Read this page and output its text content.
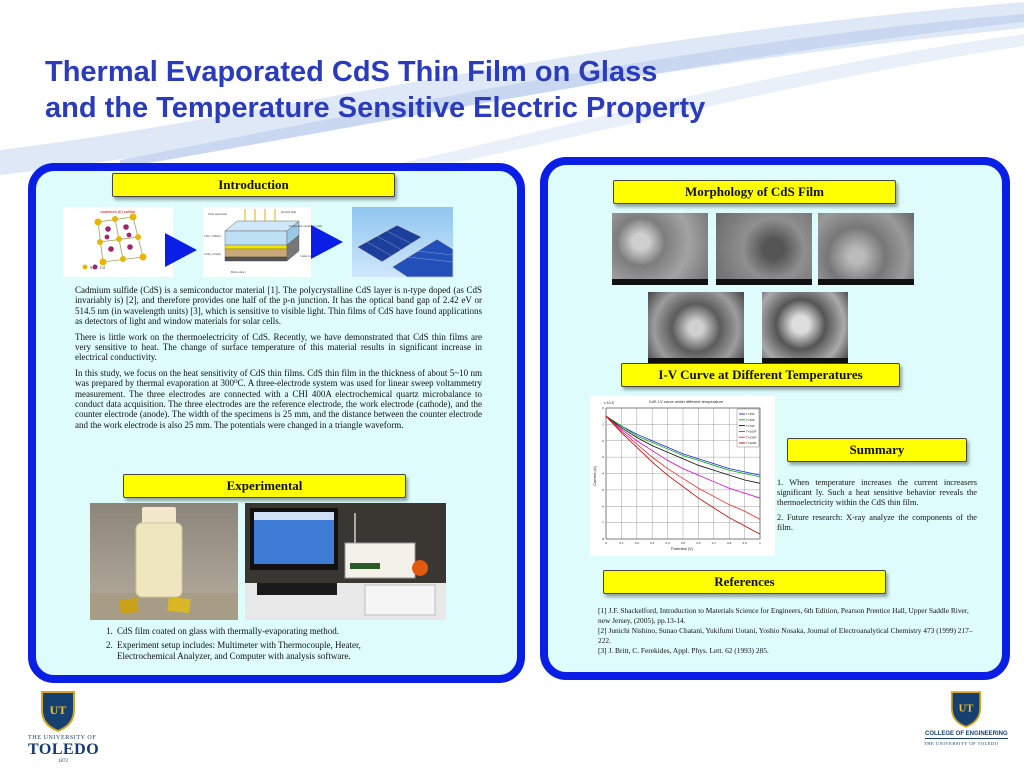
Thermal Evaporated CdS Thin Film on Glass
and the Temperature Sensitive Electric Property
Introduction
cadmium (II) sulfide
S Cd
Glass superstrate
Incident light
Transparent conducting oxide
CdS (~100nm)
CdTe (~10µm)
Contact ref
Back contact

Cadmium sulfide (CdS) is a semiconductor material [1]. The polycrystalline CdS layer is n-type doped (as CdS invariably is) [2], and therefore provides one half of the p-n junction. It has the optical band gap of 2.42 eV or 514.5 nm (in wavelength units) [3], which is sensitive to visible light. Thin films of CdS have found applications as detectors of light and window materials for solar cells.

There is little work on the thermoelectricity of CdS. Recently, we have demonstrated that CdS thin films are very sensitive to heat. The change of surface temperature of this material results in significant increase in electrical conductivity.

In this study, we focus on the heat sensitivity of CdS thin films. CdS thin film in the thickness of about 5~10 nm was prepared by thermal evaporation at 300⁰C. A three-electrode system was used for linear sweep voltammetry measurement. The three electrodes are connected with a CHI 400A electrochemical quartz microbalance to conduct data acquisition. The three electrodes are the reference electrode, the work electrode (cathode), and the counter electrode (anode). The width of the specimens is 25 mm, and the distance between the counter electrode and the work electrode is also 25 mm. The potentials were changed in a triangle waveform.

Experimental
1. CdS film coated on glass with thermally-evaporating method.
2. Experiment setup includes: Multimeter with Thermocouple, Heater, Electrochemical Analyzer, and Computer with analysis software.
Morphology of CdS Film
I-V Curve at Different Temperatures
CdS I-V curve under different temperature
x 10-5
Potential (V)
Current (A)
0	0.1	0.2	0.3	0.4	0.5	0.6	0.7	0.8	0.9	1
-8
-7
-6
-5
-4
-3
-2
-1
0
T=25F
T=40F
T=70F
T=100F
T=130F
T=220F	Summary

1. When temperature increases the current increasers significant ly. Such a heat sensitive behavior reveals the thermoelectricity within the CdS thin film.

2. Future research: X-ray analyze the components of the film.

References
[1] J.F. Shackelford, Introduction to Materials Science for Engineers, 6th Edition, Pearson Prentice Hall, Upper Saddle River, new Jersey, (2005), pp.13-14.
[2] Junichi Nishino, Sunao Chatani, Yukifumi Uotani, Yoshio Nosaka, Journal of Electroanalytical Chemistry 473 (1999) 217–222.
[3] J. Britt, C. Ferekides, Appl. Phys. Lett. 62 (1993) 285.
UT
THE UNIVERSITY OF
TOLEDO
1872
UT
COLLEGE OF ENGINEERING
THE UNIVERSITY OF TOLEDO
